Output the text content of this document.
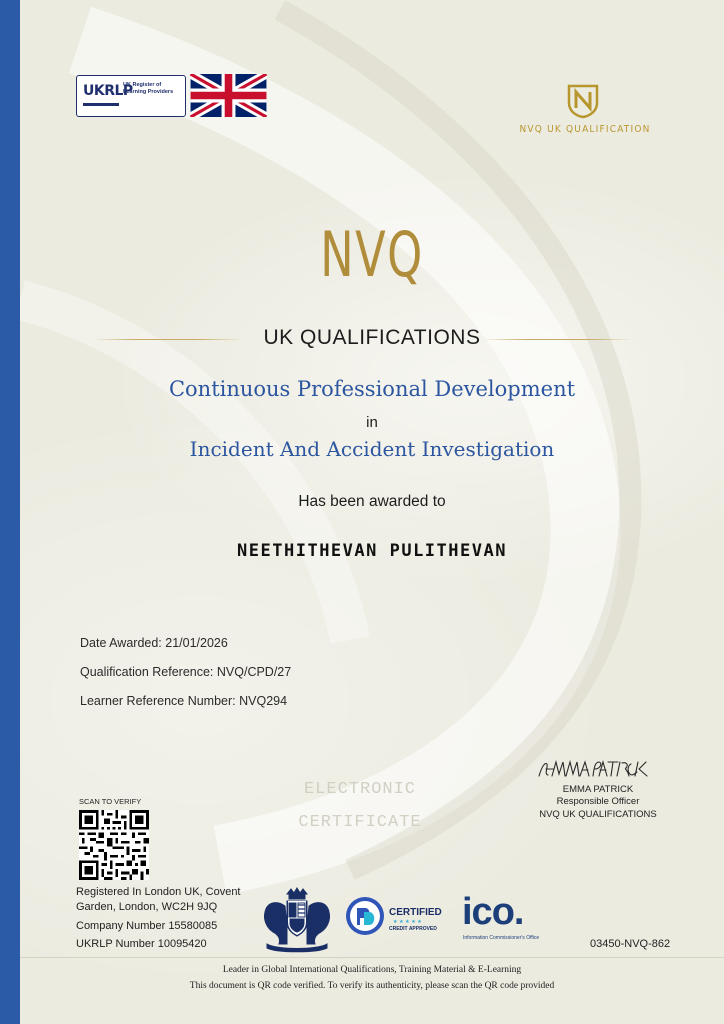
UKRLP
UK Register of Learning Providers
NVQ UK QUALIFICATION
NVQ
UK QUALIFICATIONS
Continuous Professional Development
in
Incident And Accident Investigation
Has been awarded to
NEETHITHEVAN PULITHEVAN
Date Awarded: 21/01/2026
Qualification Reference: NVQ/CPD/27
Learner Reference Number: NVQ294
EMMA PATRICK
Responsible Officer
NVQ UK QUALIFICATIONS
ELECTRONIC
CERTIFICATE
SCAN TO VERIFY
Registered In London UK, Covent
Garden, London, WC2H 9JQ
Company Number 15580085
UKRLP Number 10095420
CERTIFIED
★ ★ ★ ★ ★
CREDIT APPROVED ico.
Information Commissioner's Office	03450-NVQ-862
Leader in Global International Qualifications, Training Material & E-Learning
This document is QR code verified. To verify its authenticity, please scan the QR code provided
